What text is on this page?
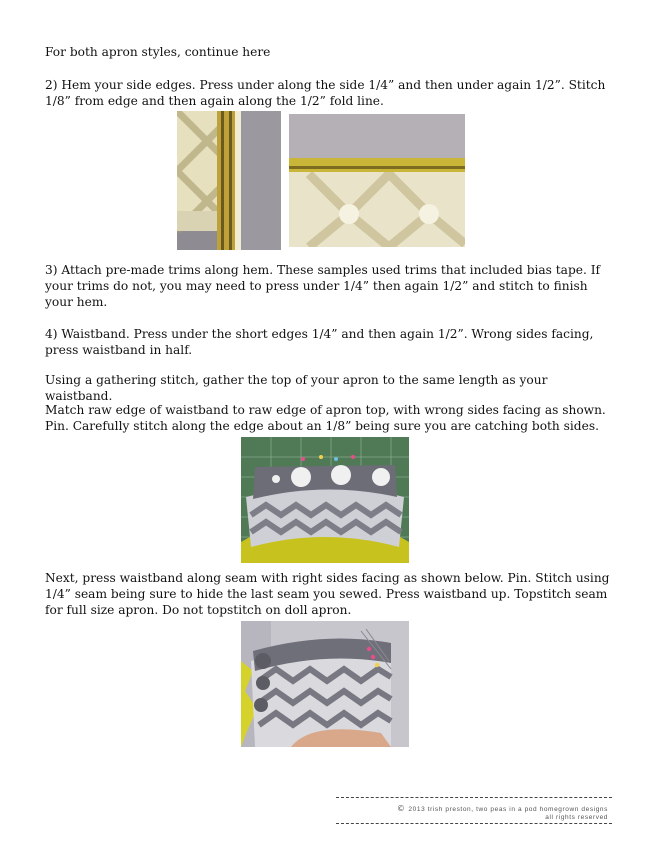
For both apron styles, continue here

2) Hem your side edges. Press under along the side 1/4” and then under again 1/2”. Stitch 1/8” from edge and then again along the 1/2” fold line.

3) Attach pre-made trims along hem. These samples used trims that included bias tape. If your trims do not, you may need to press under 1/4” then again 1/2” and stitch to finish your hem.

4) Waistband. Press under the short edges 1/4” and then again 1/2”. Wrong sides facing, press waistband in half.

Using a gathering stitch, gather the top of your apron to the same length as your waistband.

Match raw edge of waistband to raw edge of apron top, with wrong sides facing as shown. Pin. Carefully stitch along the edge about an 1/8” being sure you are catching both sides.

Next, press waistband along seam with right sides facing as shown below. Pin. Stitch using 1/4” seam being sure to hide the last seam you sewed. Press waistband up. Topstitch seam for full size apron. Do not topstitch on doll apron.

© 2013 trish preston, two peas in a pod homegrown designs
all rights reserved
